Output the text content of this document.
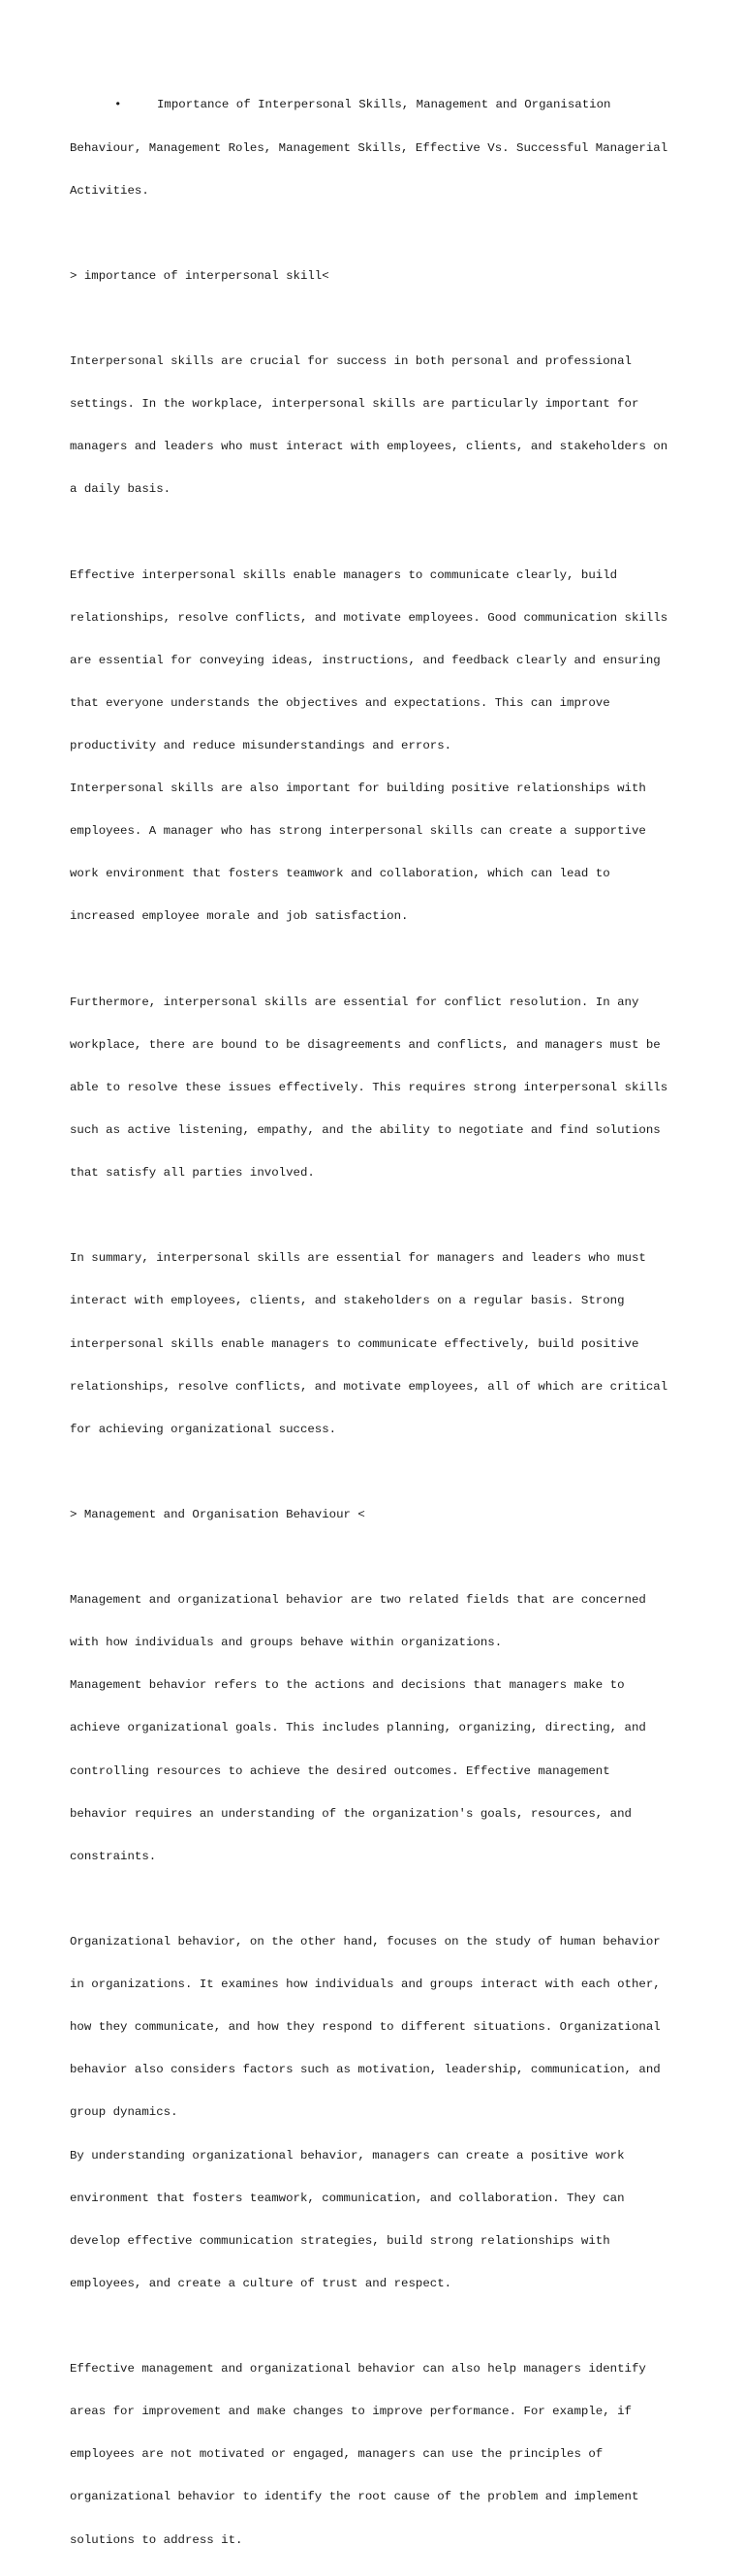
•	Importance of Interpersonal Skills, Management and Organisation

Behaviour, Management Roles, Management Skills, Effective Vs. Successful Managerial

Activities.

> importance of interpersonal skill<

Interpersonal skills are crucial for success in both personal and professional

settings. In the workplace, interpersonal skills are particularly important for

managers and leaders who must interact with employees, clients, and stakeholders on

a daily basis.

Effective interpersonal skills enable managers to communicate clearly, build

relationships, resolve conflicts, and motivate employees. Good communication skills

are essential for conveying ideas, instructions, and feedback clearly and ensuring

that everyone understands the objectives and expectations. This can improve

productivity and reduce misunderstandings and errors.

Interpersonal skills are also important for building positive relationships with

employees. A manager who has strong interpersonal skills can create a supportive

work environment that fosters teamwork and collaboration, which can lead to

increased employee morale and job satisfaction.

Furthermore, interpersonal skills are essential for conflict resolution. In any

workplace, there are bound to be disagreements and conflicts, and managers must be

able to resolve these issues effectively. This requires strong interpersonal skills

such as active listening, empathy, and the ability to negotiate and find solutions

that satisfy all parties involved.

In summary, interpersonal skills are essential for managers and leaders who must

interact with employees, clients, and stakeholders on a regular basis. Strong

interpersonal skills enable managers to communicate effectively, build positive

relationships, resolve conflicts, and motivate employees, all of which are critical

for achieving organizational success.

> Management and Organisation Behaviour <

Management and organizational behavior are two related fields that are concerned

with how individuals and groups behave within organizations.

Management behavior refers to the actions and decisions that managers make to

achieve organizational goals. This includes planning, organizing, directing, and

controlling resources to achieve the desired outcomes. Effective management

behavior requires an understanding of the organization's goals, resources, and

constraints.

Organizational behavior, on the other hand, focuses on the study of human behavior

in organizations. It examines how individuals and groups interact with each other,

how they communicate, and how they respond to different situations. Organizational

behavior also considers factors such as motivation, leadership, communication, and

group dynamics.

By understanding organizational behavior, managers can create a positive work

environment that fosters teamwork, communication, and collaboration. They can

develop effective communication strategies, build strong relationships with

employees, and create a culture of trust and respect.

Effective management and organizational behavior can also help managers identify

areas for improvement and make changes to improve performance. For example, if

employees are not motivated or engaged, managers can use the principles of

organizational behavior to identify the root cause of the problem and implement

solutions to address it.
